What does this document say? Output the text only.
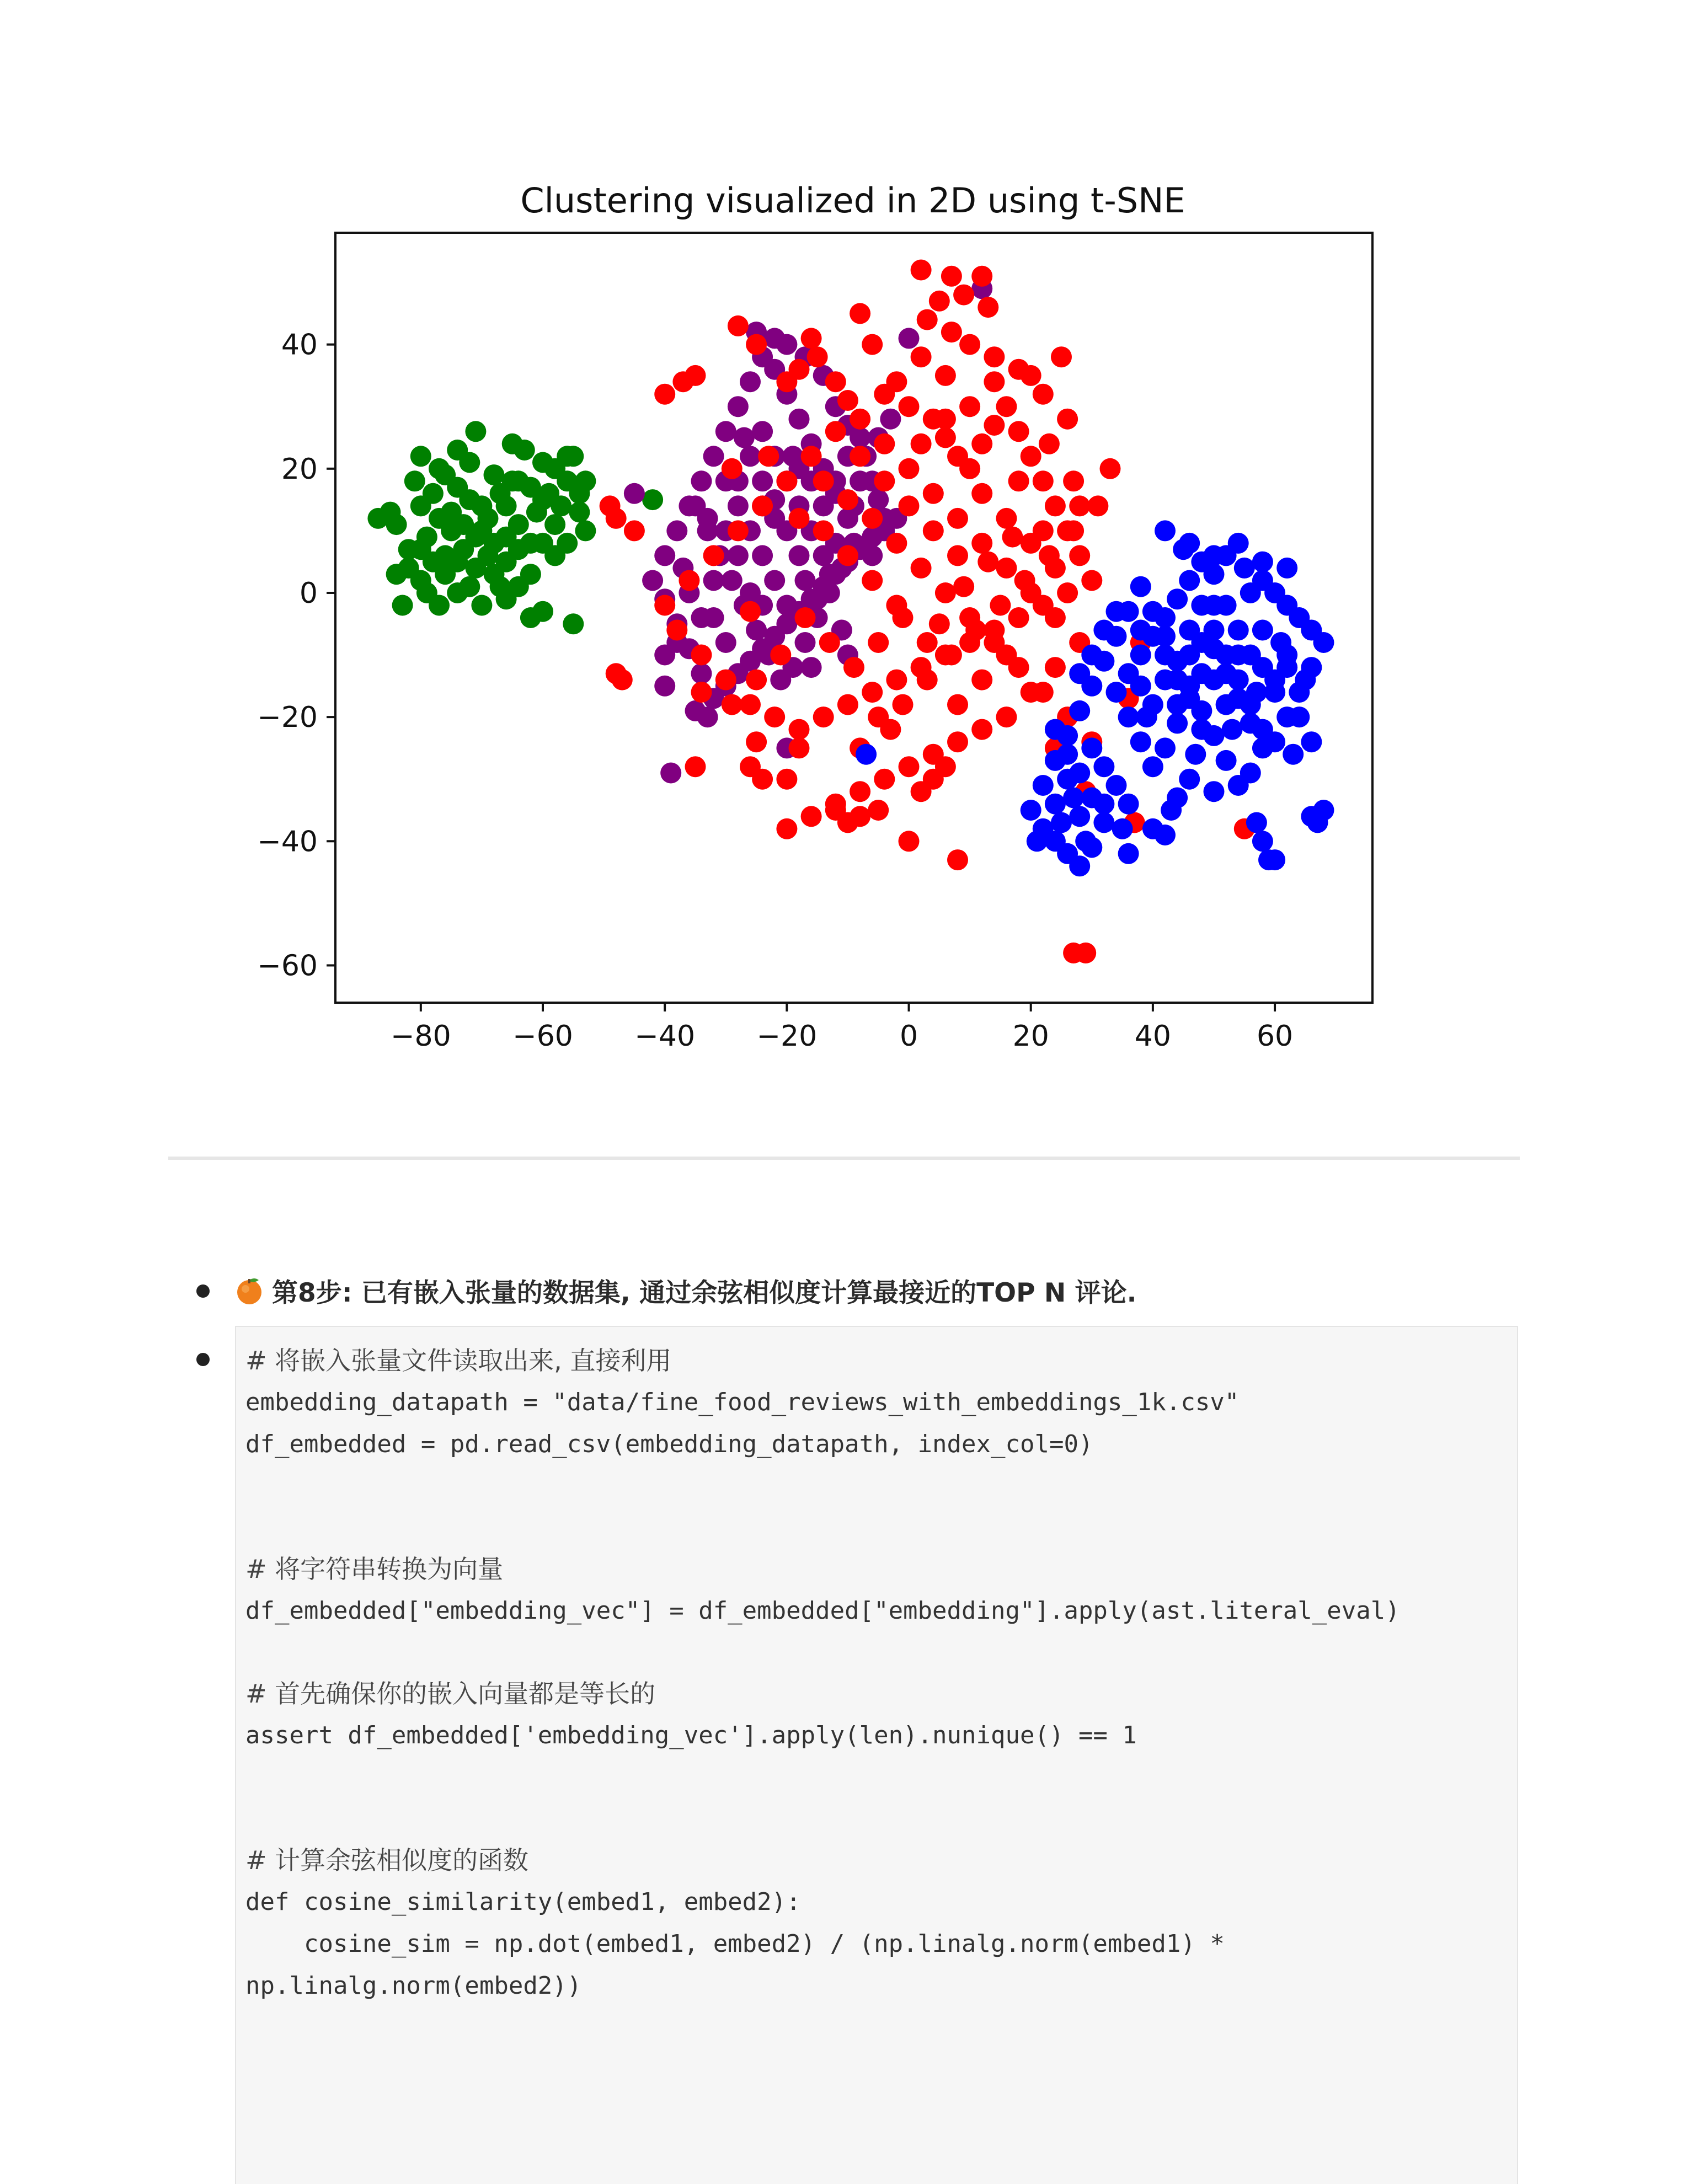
Clustering visualized in 2D using t-SNE
−80 −60 −40 −20	0	20	40	60
−60
−40
−20
0
20
40
第8步: 已有嵌入张量的数据集, 通过余弦相似度计算最接近的TOP N 评论.
# 将嵌入张量文件读取出来, 直接利用
embedding_datapath = "data/fine_food_reviews_with_embeddings_1k.csv"
df_embedded = pd.read_csv(embedding_datapath, index_col=0)
# 将字符串转换为向量
df_embedded["embedding_vec"] = df_embedded["embedding"].apply(ast.literal_eval)
# 首先确保你的嵌入向量都是等长的
assert df_embedded['embedding_vec'].apply(len).nunique() == 1
# 计算余弦相似度的函数
def cosine_similarity(embed1, embed2):
cosine_sim = np.dot(embed1, embed2) / (np.linalg.norm(embed1) *
np.linalg.norm(embed2))
